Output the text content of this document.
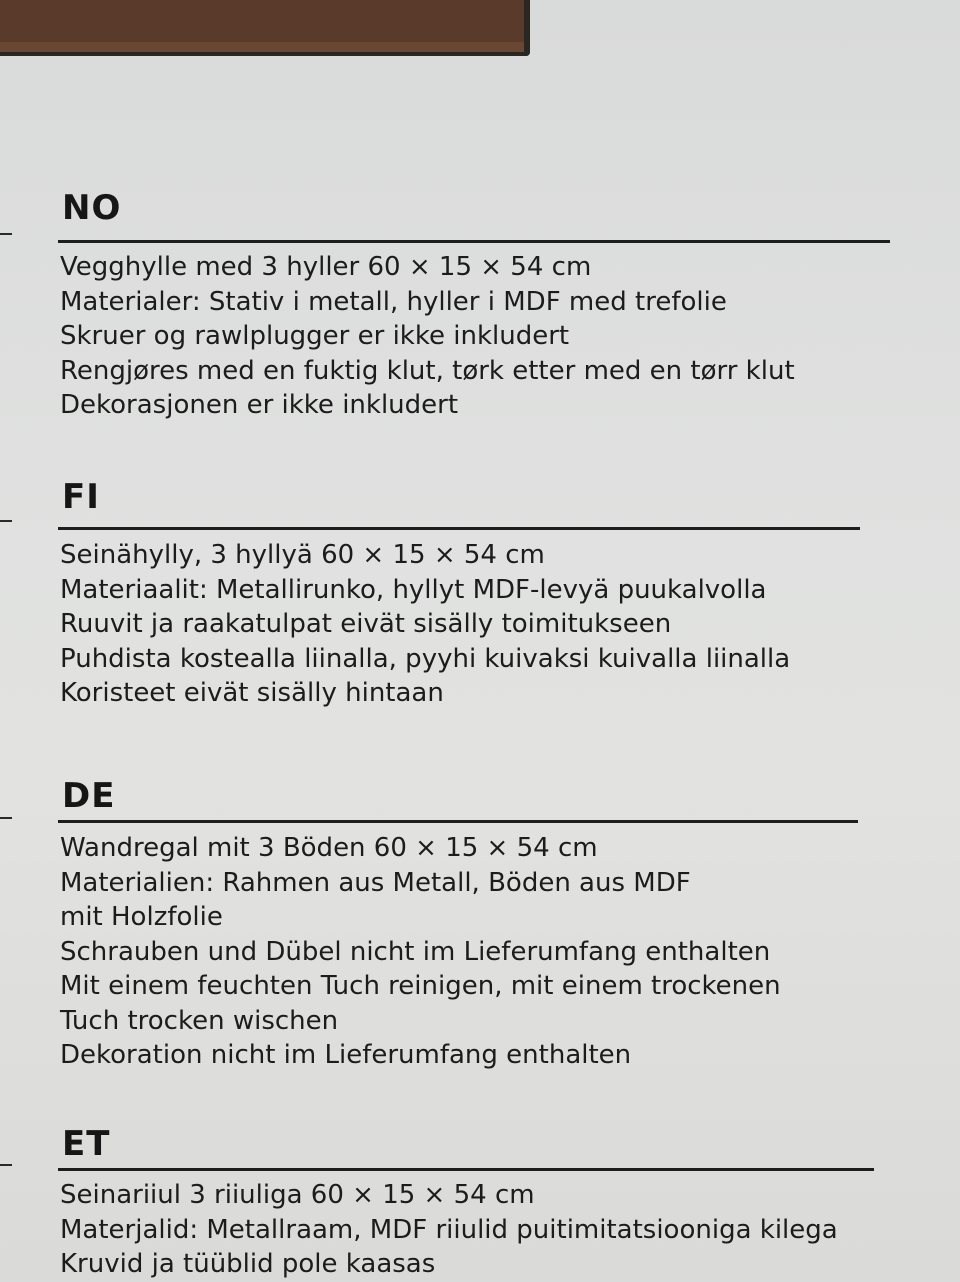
NO
Vegghylle med 3 hyller 60 × 15 × 54 cm
Materialer: Stativ i metall, hyller i MDF med trefolie
Skruer og rawlplugger er ikke inkludert
Rengjøres med en fuktig klut, tørk etter med en tørr klut
Dekorasjonen er ikke inkludert
FI
Seinähylly, 3 hyllyä 60 × 15 × 54 cm
Materiaalit: Metallirunko, hyllyt MDF-levyä puukalvolla
Ruuvit ja raakatulpat eivät sisälly toimitukseen
Puhdista kostealla liinalla, pyyhi kuivaksi kuivalla liinalla
Koristeet eivät sisälly hintaan
DE
Wandregal mit 3 Böden 60 × 15 × 54 cm
Materialien: Rahmen aus Metall, Böden aus MDF
mit Holzfolie
Schrauben und Dübel nicht im Lieferumfang enthalten
Mit einem feuchten Tuch reinigen, mit einem trockenen
Tuch trocken wischen
Dekoration nicht im Lieferumfang enthalten
ET
Seinariiul 3 riiuliga 60 × 15 × 54 cm
Materjalid: Metallraam, MDF riiulid puitimitatsiooniga kilega
Kruvid ja tüüblid pole kaasas
